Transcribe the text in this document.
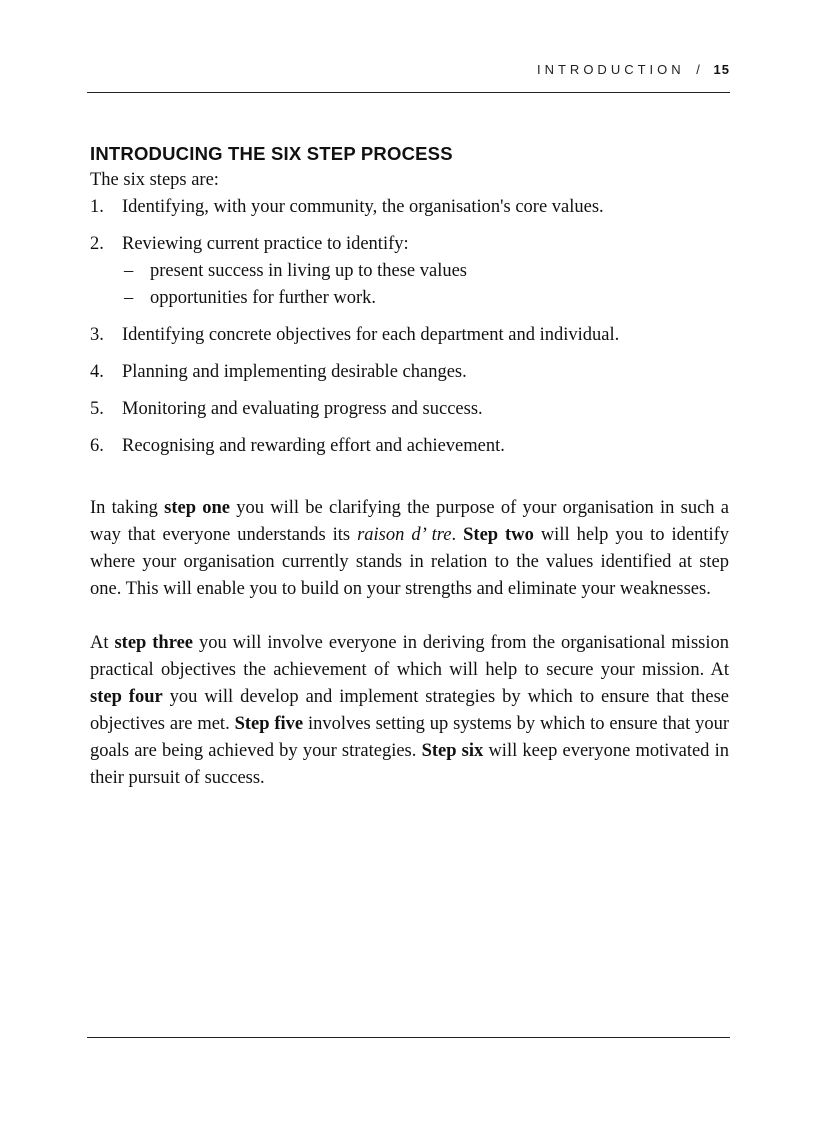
INTRODUCTION / 15
INTRODUCING THE SIX STEP PROCESS

The six steps are:

1. Identifying, with your community, the organisation's core values.
2. Reviewing current practice to identify:
– present success in living up to these values
– opportunities for further work.
3. Identifying concrete objectives for each department and individual.
4. Planning and implementing desirable changes.
5. Monitoring and evaluating progress and success.
6. Recognising and rewarding effort and achievement.

In taking step one you will be clarifying the purpose of your organisation in such a way that everyone understands its raison d’ tre. Step two will help you to identify where your organisation currently stands in relation to the values identified at step one. This will enable you to build on your strengths and eliminate your weaknesses.

At step three you will involve everyone in deriving from the organisational mission practical objectives the achievement of which will help to secure your mission. At step four you will develop and implement strategies by which to ensure that these objectives are met. Step five involves setting up systems by which to ensure that your goals are being achieved by your strategies. Step six will keep everyone motivated in their pursuit of success.
